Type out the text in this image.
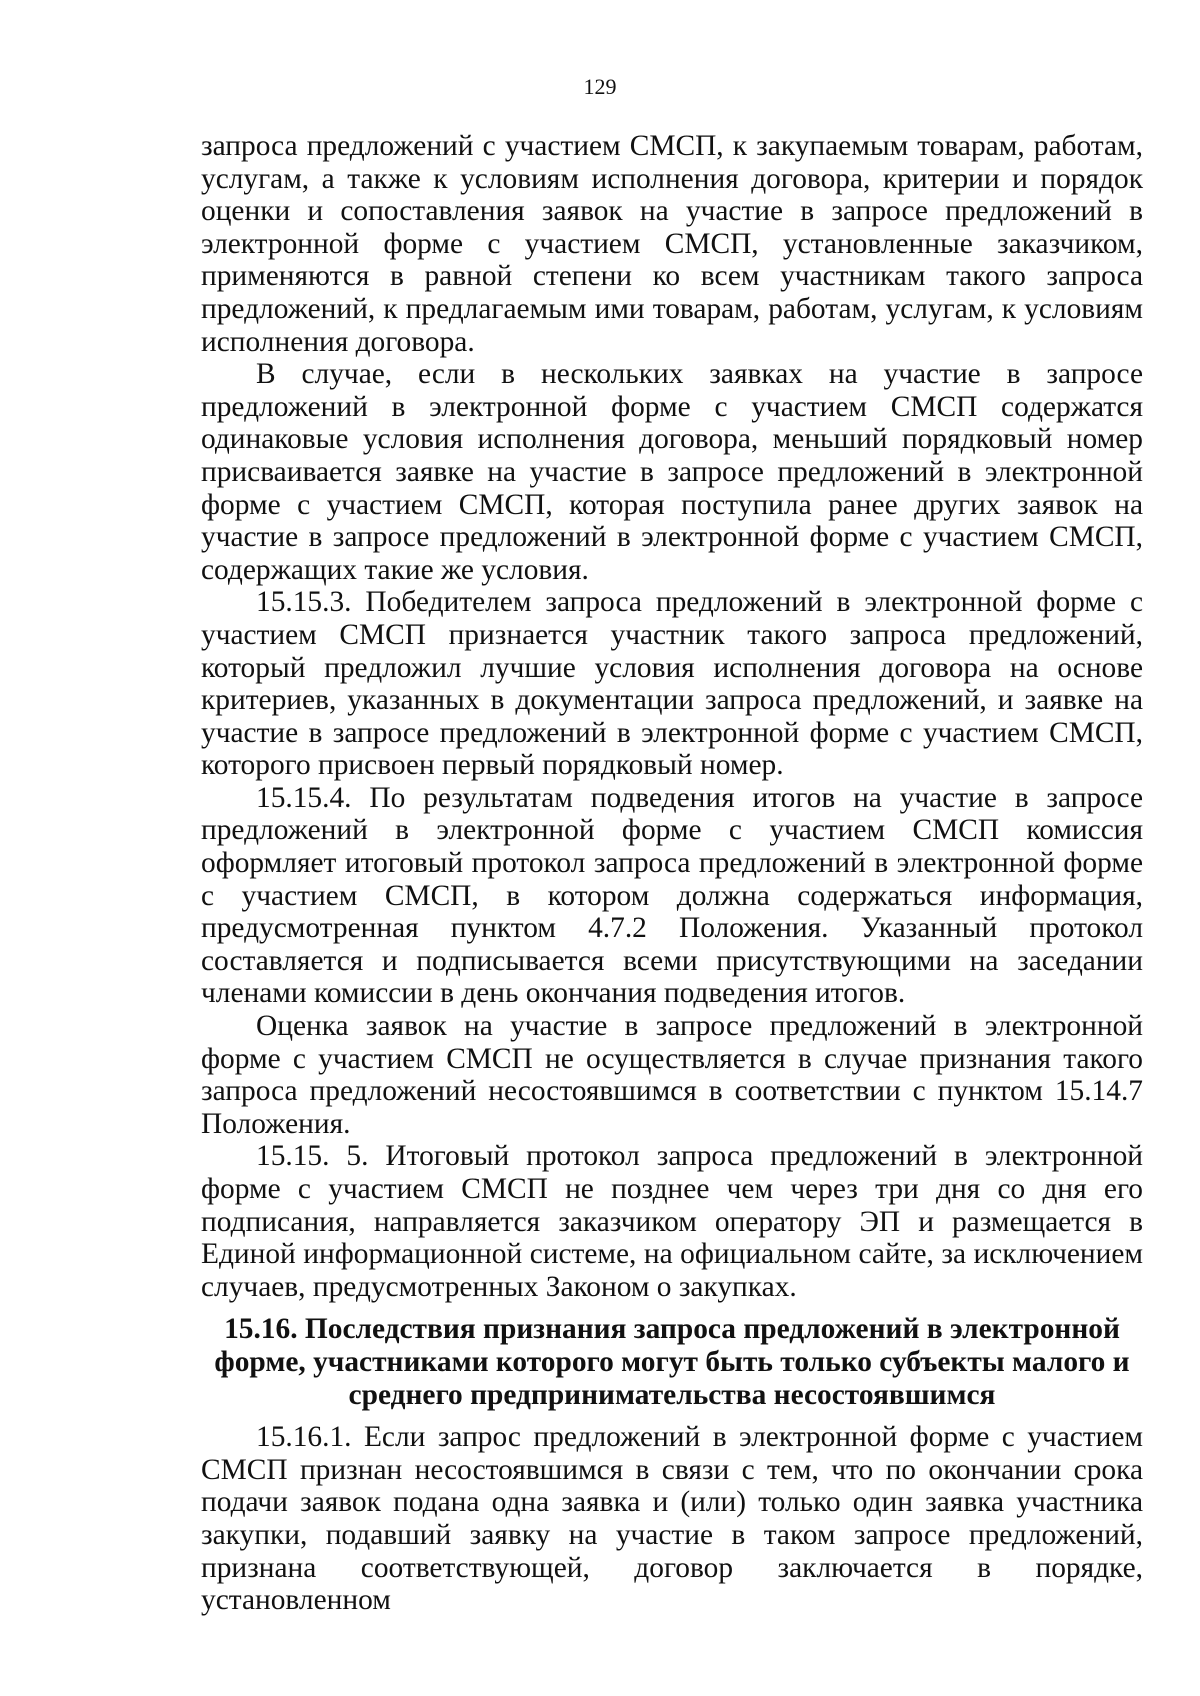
129

запроса предложений с участием СМСП, к закупаемым товарам, работам, услугам, а также к условиям исполнения договора, критерии и порядок оценки и сопоставления заявок на участие в запросе предложений в электронной форме с участием СМСП, установленные заказчиком, применяются в равной степени ко всем участникам такого запроса предложений, к предлагаемым ими товарам, работам, услугам, к условиям исполнения договора.

В случае, если в нескольких заявках на участие в запросе предложений в электронной форме с участием СМСП содержатся одинаковые условия исполнения договора, меньший порядковый номер присваивается заявке на участие в запросе предложений в электронной форме с участием СМСП, которая поступила ранее других заявок на участие в запросе предложений в электронной форме с участием СМСП, содержащих такие же условия.

15.15.3. Победителем запроса предложений в электронной форме с участием СМСП признается участник такого запроса предложений, который предложил лучшие условия исполнения договора на основе критериев, указанных в документации запроса предложений, и заявке на участие в запросе предложений в электронной форме с участием СМСП, которого присвоен первый порядковый номер.

15.15.4. По результатам подведения итогов на участие в запросе предложений в электронной форме с участием СМСП комиссия оформляет итоговый протокол запроса предложений в электронной форме с участием СМСП, в котором должна содержаться информация, предусмотренная пунктом 4.7.2 Положения. Указанный протокол составляется и подписывается всеми присутствующими на заседании членами комиссии в день окончания подведения итогов.

Оценка заявок на участие в запросе предложений в электронной форме с участием СМСП не осуществляется в случае признания такого запроса предложений несостоявшимся в соответствии с пунктом 15.14.7 Положения.

15.15. 5. Итоговый протокол запроса предложений в электронной форме с участием СМСП не позднее чем через три дня со дня его подписания, направляется заказчиком оператору ЭП и размещается в Единой информационной системе, на официальном сайте, за исключением случаев, предусмотренных Законом о закупках.

15.16. Последствия признания запроса предложений в электронной форме, участниками которого могут быть только субъекты малого и среднего предпринимательства несостоявшимся

15.16.1. Если запрос предложений в электронной форме с участием СМСП признан несостоявшимся в связи с тем, что по окончании срока подачи заявок подана одна заявка и (или) только один заявка участника закупки, подавший заявку на участие в таком запросе предложений, признана соответствующей, договор заключается в порядке, установленном
